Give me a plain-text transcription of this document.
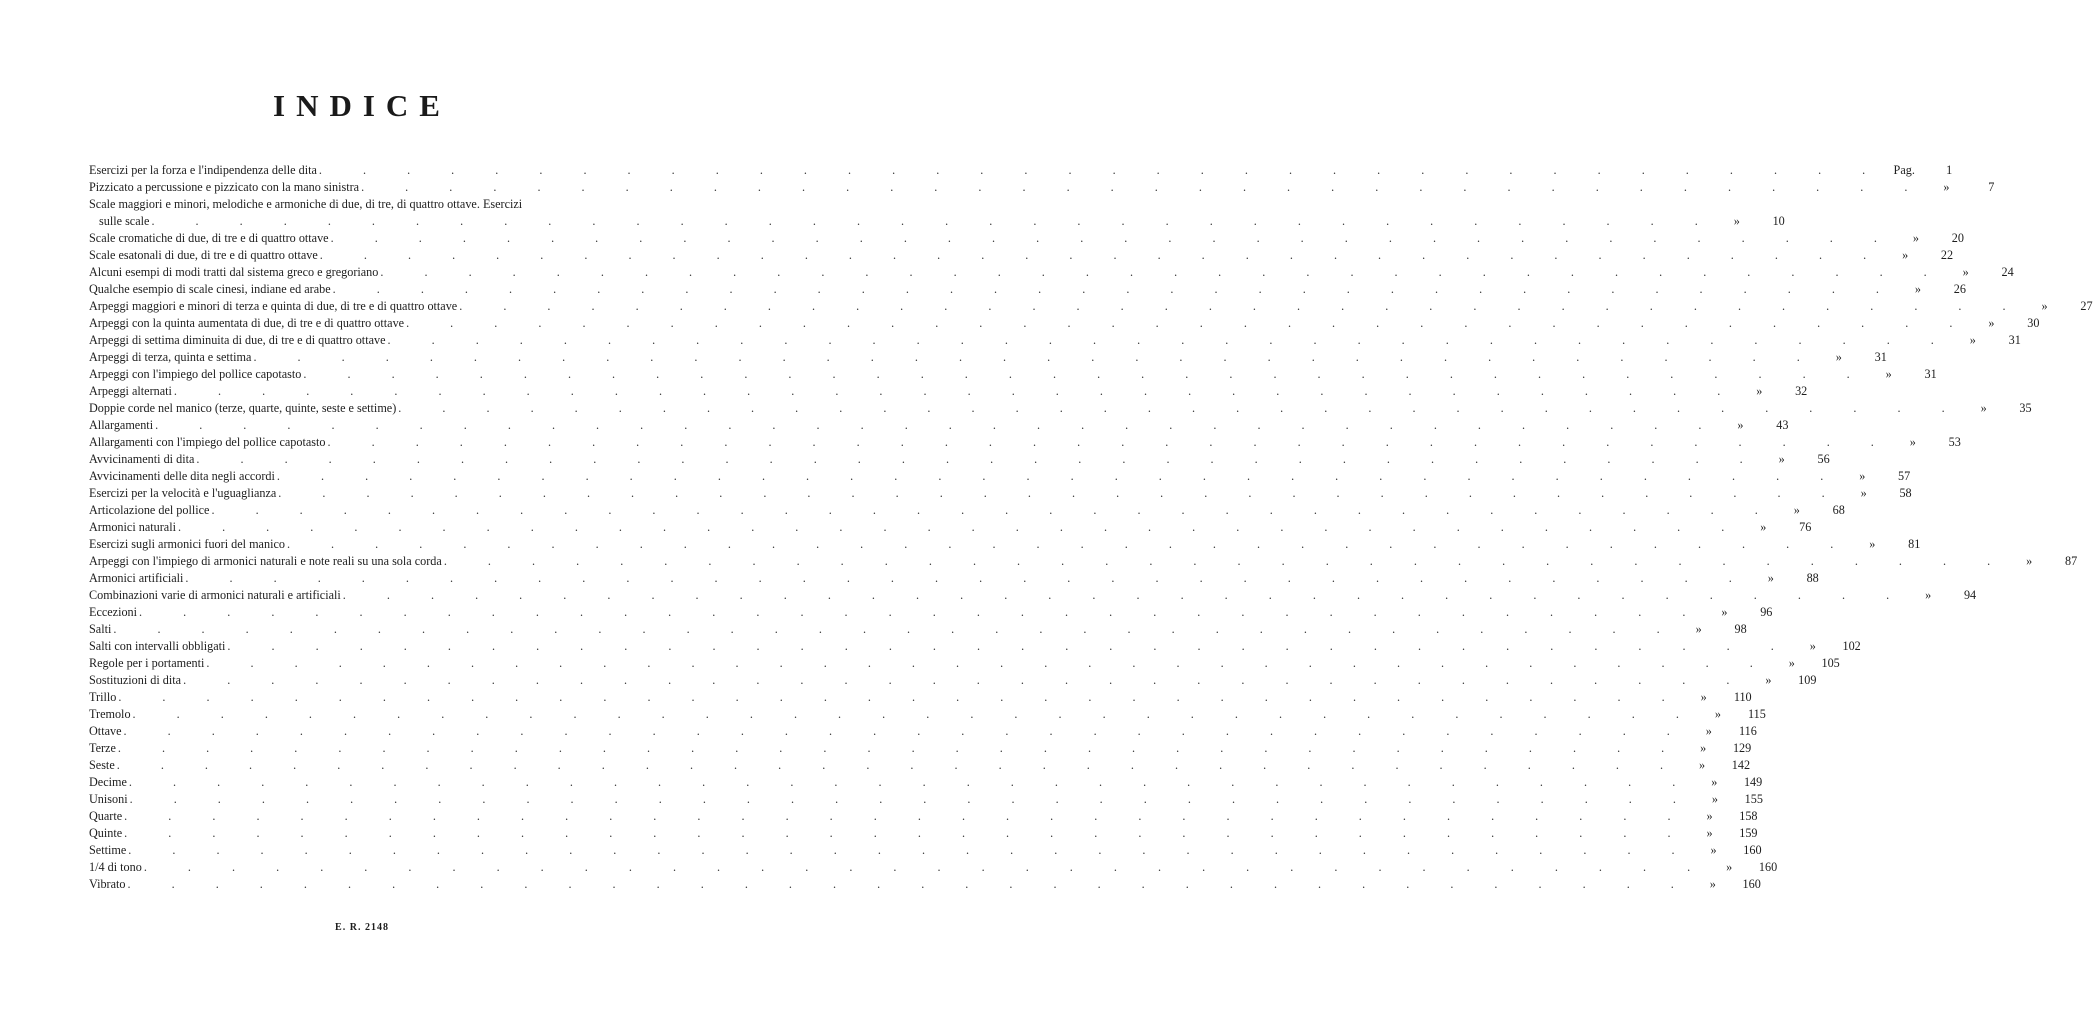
INDICE
Esercizi per la forza e l'indipendenza delle dita . . . . . . . . . . . . . . . . . . . . . . . . . . . . . . . . . . . . Pag.	1
Pizzicato a percussione e pizzicato con la mano sinistra . . . . . . . . . . . . . . . . . . . . . . . . . . . . . . . . . . . .	»	7
Scale maggiori e minori, melodiche e armoniche di due, di tre, di quattro ottave. Esercizi
sulle scale . . . . . . . . . . . . . . . . . . . . . . . . . . . . . . . . . . . .	»	10
Scale cromatiche di due, di tre e di quattro ottave . . . . . . . . . . . . . . . . . . . . . . . . . . . . . . . . . . . .	»	20
Scale esatonali di due, di tre e di quattro ottave . . . . . . . . . . . . . . . . . . . . . . . . . . . . . . . . . . . .	»	22
Alcuni esempi di modi tratti dal sistema greco e gregoriano . . . . . . . . . . . . . . . . . . . . . . . . . . . . . . . . . . . .	»	24
Qualche esempio di scale cinesi, indiane ed arabe . . . . . . . . . . . . . . . . . . . . . . . . . . . . . . . . . . . .	»	26
Arpeggi maggiori e minori di terza e quinta di due, di tre e di quattro ottave . . . . . . . . . . . . . . . . . . . . . . . . . . . . . . . . . . . .	»	27
Arpeggi con la quinta aumentata di due, di tre e di quattro ottave . . . . . . . . . . . . . . . . . . . . . . . . . . . . . . . . . . . .	»	30
Arpeggi di settima diminuita di due, di tre e di quattro ottave . . . . . . . . . . . . . . . . . . . . . . . . . . . . . . . . . . . .	»	31
Arpeggi di terza, quinta e settima . . . . . . . . . . . . . . . . . . . . . . . . . . . . . . . . . . . .	»	31
Arpeggi con l'impiego del pollice capotasto . . . . . . . . . . . . . . . . . . . . . . . . . . . . . . . . . . . .	»	31
Arpeggi alternati . . . . . . . . . . . . . . . . . . . . . . . . . . . . . . . . . . . .	»	32
Doppie corde nel manico (terze, quarte, quinte, seste e settime) . . . . . . . . . . . . . . . . . . . . . . . . . . . . . . . . . . . .	»	35
Allargamenti . . . . . . . . . . . . . . . . . . . . . . . . . . . . . . . . . . . .	»	43
Allargamenti con l'impiego del pollice capotasto . . . . . . . . . . . . . . . . . . . . . . . . . . . . . . . . . . . .	»	53
Avvicinamenti di dita . . . . . . . . . . . . . . . . . . . . . . . . . . . . . . . . . . . .	»	56
Avvicinamenti delle dita negli accordi . . . . . . . . . . . . . . . . . . . . . . . . . . . . . . . . . . . .	»	57
Esercizi per la velocità e l'uguaglianza . . . . . . . . . . . . . . . . . . . . . . . . . . . . . . . . . . . .	»	58
Articolazione del pollice . . . . . . . . . . . . . . . . . . . . . . . . . . . . . . . . . . . .	»	68
Armonici naturali . . . . . . . . . . . . . . . . . . . . . . . . . . . . . . . . . . . .	»	76
Esercizi sugli armonici fuori del manico . . . . . . . . . . . . . . . . . . . . . . . . . . . . . . . . . . . .	»	81
Arpeggi con l'impiego di armonici naturali e note reali su una sola corda . . . . . . . . . . . . . . . . . . . . . . . . . . . . . . . . . . . .	»	87
Armonici artificiali . . . . . . . . . . . . . . . . . . . . . . . . . . . . . . . . . . . .	»	88
Combinazioni varie di armonici naturali e artificiali . . . . . . . . . . . . . . . . . . . . . . . . . . . . . . . . . . . .	»	94
Eccezioni . . . . . . . . . . . . . . . . . . . . . . . . . . . . . . . . . . . .	»	96
Salti . . . . . . . . . . . . . . . . . . . . . . . . . . . . . . . . . . . .	»	98
Salti con intervalli obbligati . . . . . . . . . . . . . . . . . . . . . . . . . . . . . . . . . . . .	»	102
Regole per i portamenti . . . . . . . . . . . . . . . . . . . . . . . . . . . . . . . . . . . .	»	105
Sostituzioni di dita . . . . . . . . . . . . . . . . . . . . . . . . . . . . . . . . . . . .	»	109
Trillo . . . . . . . . . . . . . . . . . . . . . . . . . . . . . . . . . . . .	»	110
Tremolo . . . . . . . . . . . . . . . . . . . . . . . . . . . . . . . . . . . .	»	115
Ottave . . . . . . . . . . . . . . . . . . . . . . . . . . . . . . . . . . . .	»	116
Terze . . . . . . . . . . . . . . . . . . . . . . . . . . . . . . . . . . . .	»	129
Seste . . . . . . . . . . . . . . . . . . . . . . . . . . . . . . . . . . . .	»	142
Decime . . . . . . . . . . . . . . . . . . . . . . . . . . . . . . . . . . . .	»	149
Unisoni . . . . . . . . . . . . . . . . . . . . . . . . . . . . . . . . . . . .	»	155
Quarte . . . . . . . . . . . . . . . . . . . . . . . . . . . . . . . . . . . .	»	158
Quinte . . . . . . . . . . . . . . . . . . . . . . . . . . . . . . . . . . . .	»	159
Settime . . . . . . . . . . . . . . . . . . . . . . . . . . . . . . . . . . . .	»	160
1/4 di tono . . . . . . . . . . . . . . . . . . . . . . . . . . . . . . . . . . . .	»	160
Vibrato . . . . . . . . . . . . . . . . . . . . . . . . . . . . . . . . . . . .	»	160
E. R. 2148
